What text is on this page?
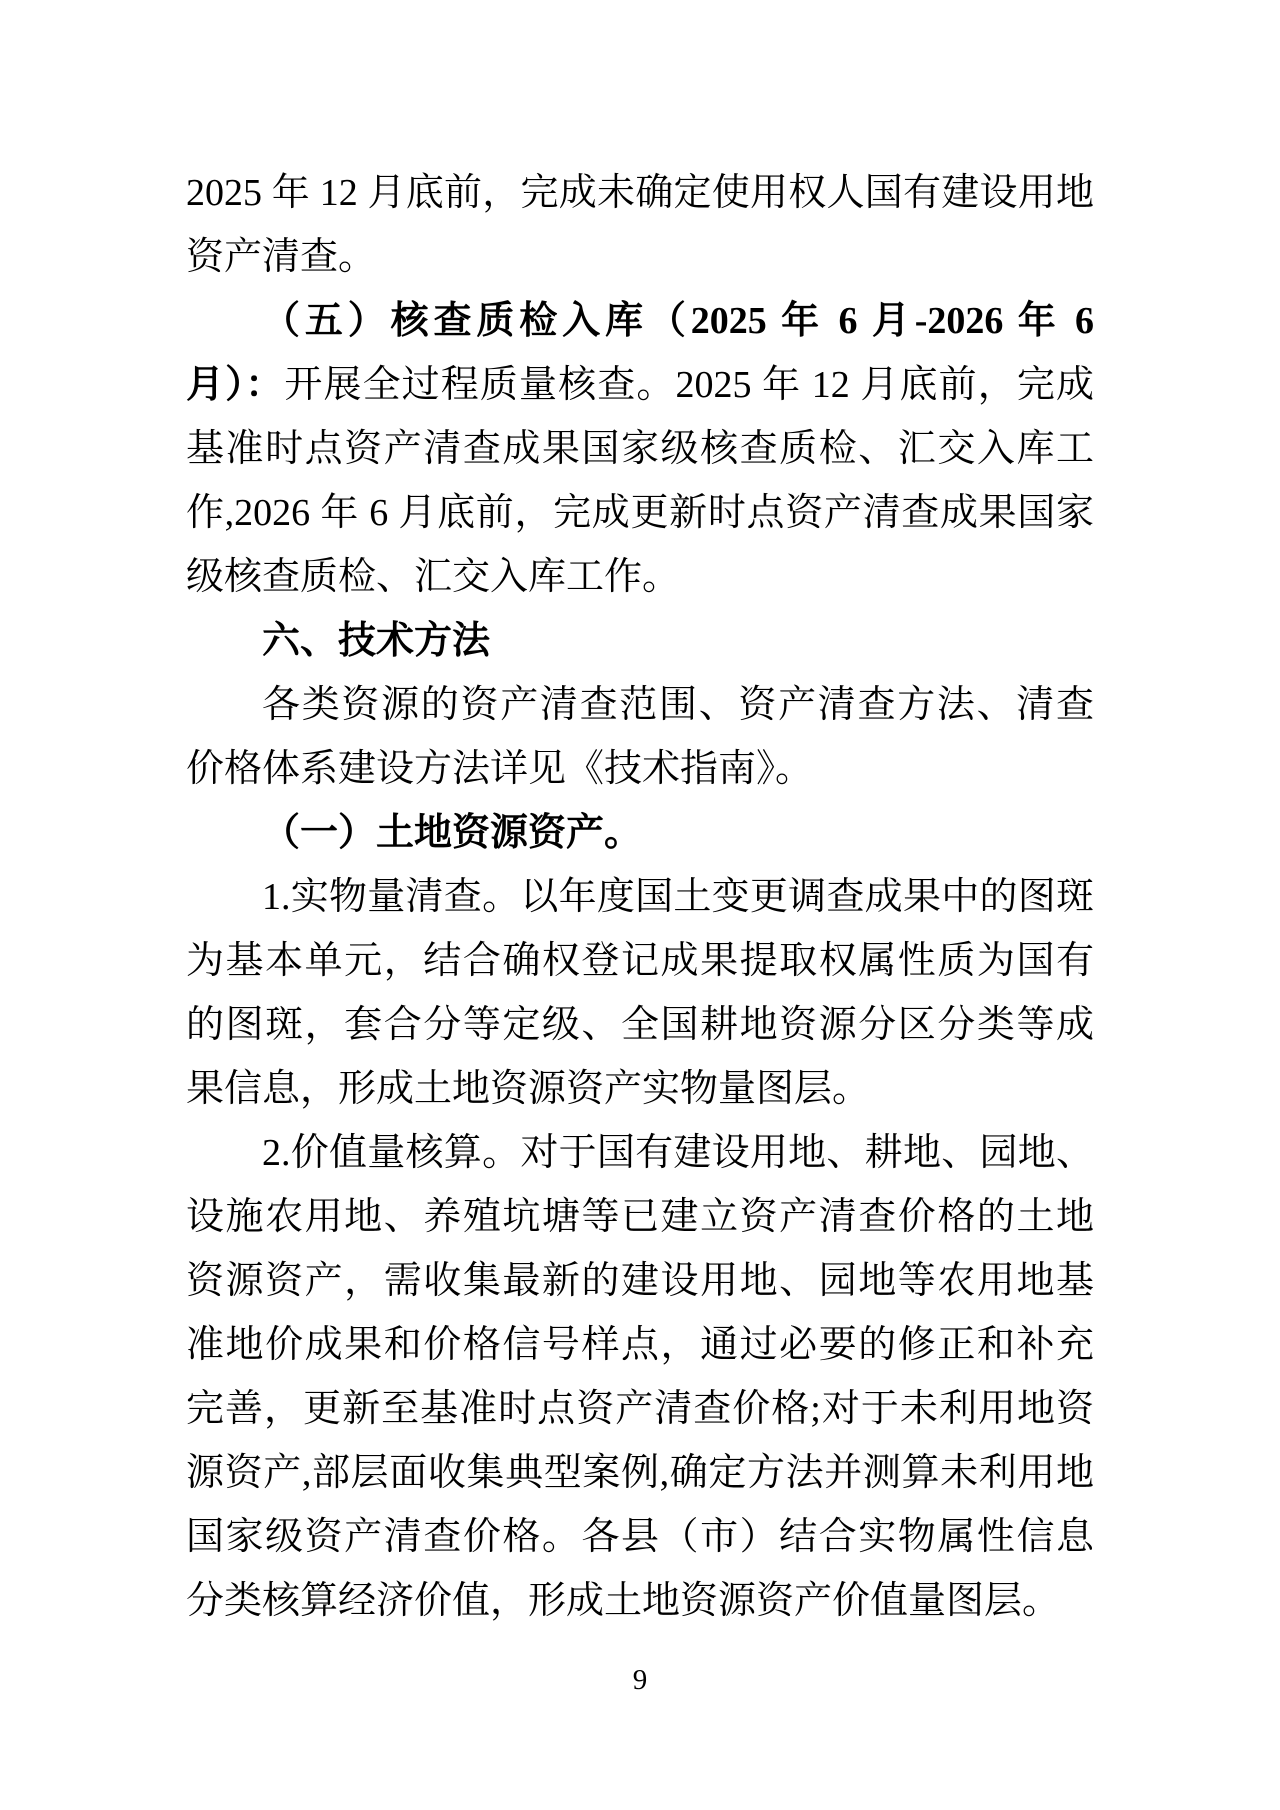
2025 年 12 月底前，完成未确定使用权人国有建设用地资产清查。

（五）核查质检入库（2025 年 6 月-2026 年 6 月）：开展全过程质量核查。2025 年 12 月底前，完成基准时点资产清查成果国家级核查质检、汇交入库工作,2026 年 6 月底前，完成更新时点资产清查成果国家级核查质检、汇交入库工作。

六、技术方法

各类资源的资产清查范围、资产清查方法、清查价格体系建设方法详见《技术指南》。

（一）土地资源资产。

1.实物量清查。以年度国土变更调查成果中的图斑为基本单元，结合确权登记成果提取权属性质为国有的图斑，套合分等定级、全国耕地资源分区分类等成果信息，形成土地资源资产实物量图层。

2.价值量核算。对于国有建设用地、耕地、园地、设施农用地、养殖坑塘等已建立资产清查价格的土地资源资产，需收集最新的建设用地、园地等农用地基准地价成果和价格信号样点，通过必要的修正和补充完善，更新至基准时点资产清查价格;对于未利用地资源资产,部层面收集典型案例,确定方法并测算未利用地国家级资产清查价格。各县（市）结合实物属性信息分类核算经济价值，形成土地资源资产价值量图层。

9
